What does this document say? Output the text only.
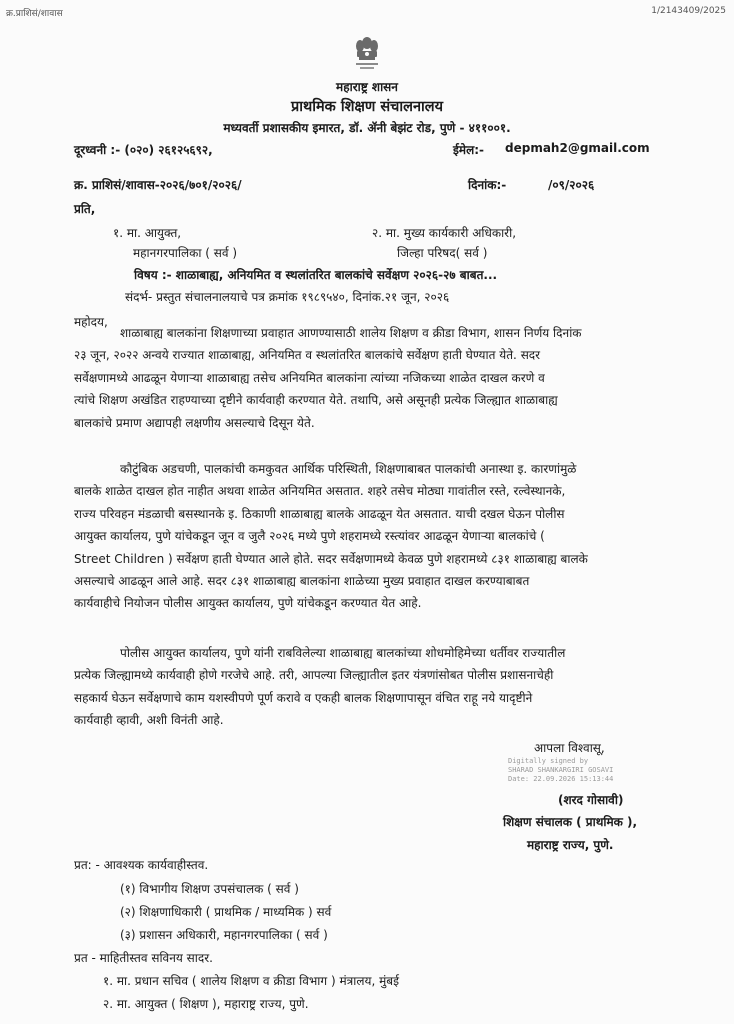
क्र.प्राशिसं/शावास	1/2143409/2025
महाराष्ट्र शासन
प्राथमिक शिक्षण संचालनालय
मध्यवर्ती प्रशासकीय इमारत, डॉ. ॲनी बेझंट रोड, पुणे - ४११००१.
दूरध्वनी :- (०२०) २६१२५६९२,	ईमेल:- depmah2@gmail.com
क्र. प्राशिसं/शावास-२०२६/७०१/२०२६/	दिनांक:-	/०९/२०२६
प्रति,
१. मा. आयुक्त,	२. मा. मुख्य कार्यकारी अधिकारी,
महानगरपालिका ( सर्व )	जिल्हा परिषद( सर्व )
विषय :- शाळाबाह्य, अनियमित व स्थलांतरित बालकांचे सर्वेक्षण २०२६-२७ बाबत...
संदर्भ- प्रस्तुत संचालनालयाचे पत्र क्रमांक १९८९५४०, दिनांक.२१ जून, २०२६
महोदय,
शाळाबाह्य बालकांना शिक्षणाच्या प्रवाहात आणण्यासाठी शालेय शिक्षण व क्रीडा विभाग, शासन निर्णय दिनांक
२३ जून, २०२२ अन्वये राज्यात शाळाबाह्य, अनियमित व स्थलांतरित बालकांचे सर्वेक्षण हाती घेण्यात येते. सदर
सर्वेक्षणामध्ये आढळून येणाऱ्या शाळाबाह्य तसेच अनियमित बालकांना त्यांच्या नजिकच्या शाळेत दाखल करणे व
त्यांचे शिक्षण अखंडित राहण्याच्या दृष्टीने कार्यवाही करण्यात येते. तथापि, असे असूनही प्रत्येक जिल्ह्यात शाळाबाह्य
बालकांचे प्रमाण अद्यापही लक्षणीय असल्याचे दिसून येते.
कौटुंबिक अडचणी, पालकांची कमकुवत आर्थिक परिस्थिती, शिक्षणाबाबत पालकांची अनास्था इ. कारणांमुळे
बालके शाळेत दाखल होत नाहीत अथवा शाळेत अनियमित असतात. शहरे तसेच मोठ्या गावांतील रस्ते, रल्वेस्थानके,
राज्य परिवहन मंडळाची बसस्थानके इ. ठिकाणी शाळाबाह्य बालके आढळून येत असतात. याची दखल घेऊन पोलीस
आयुक्त कार्यालय, पुणे यांचेकडून जून व जुलै २०२६ मध्ये पुणे शहरामध्ये रस्त्यांवर आढळून येणाऱ्या बालकांचे (
Street Children ) सर्वेक्षण हाती घेण्यात आले होते. सदर सर्वेक्षणामध्ये केवळ पुणे शहरामध्ये ८३१ शाळाबाह्य बालके
असल्याचे आढळून आले आहे. सदर ८३१ शाळाबाह्य बालकांना शाळेच्या मुख्य प्रवाहात दाखल करण्याबाबत
कार्यवाहीचे नियोजन पोलीस आयुक्त कार्यालय, पुणे यांचेकडून करण्यात येत आहे.
पोलीस आयुक्त कार्यालय, पुणे यांनी राबविलेल्या शाळाबाह्य बालकांच्या शोधमोहिमेच्या धर्तीवर राज्यातील
प्रत्येक जिल्ह्यामध्ये कार्यवाही होणे गरजेचे आहे. तरी, आपल्या जिल्ह्यातील इतर यंत्रणांसोबत पोलीस प्रशासनाचेही
सहकार्य घेऊन सर्वेक्षणाचे काम यशस्वीपणे पूर्ण करावे व एकही बालक शिक्षणापासून वंचित राहू नये यादृष्टीने
कार्यवाही व्हावी, अशी विनंती आहे.
आपला विश्वासू,
Digitally signed by
SHARAD SHANKARGIRI GOSAVI
Date: 22.09.2026 15:13:44
(शरद गोसावी)
शिक्षण संचालक ( प्राथमिक ),
महाराष्ट्र राज्य, पुणे.
प्रत: - आवश्यक कार्यवाहीस्तव.
(१) विभागीय शिक्षण उपसंचालक ( सर्व )
(२) शिक्षणाधिकारी ( प्राथमिक / माध्यमिक ) सर्व
(३) प्रशासन अधिकारी, महानगरपालिका ( सर्व )
प्रत - माहितीस्तव सविनय सादर.
१. मा. प्रधान सचिव ( शालेय शिक्षण व क्रीडा विभाग ) मंत्रालय, मुंबई
२. मा. आयुक्त ( शिक्षण ), महाराष्ट्र राज्य, पुणे.
